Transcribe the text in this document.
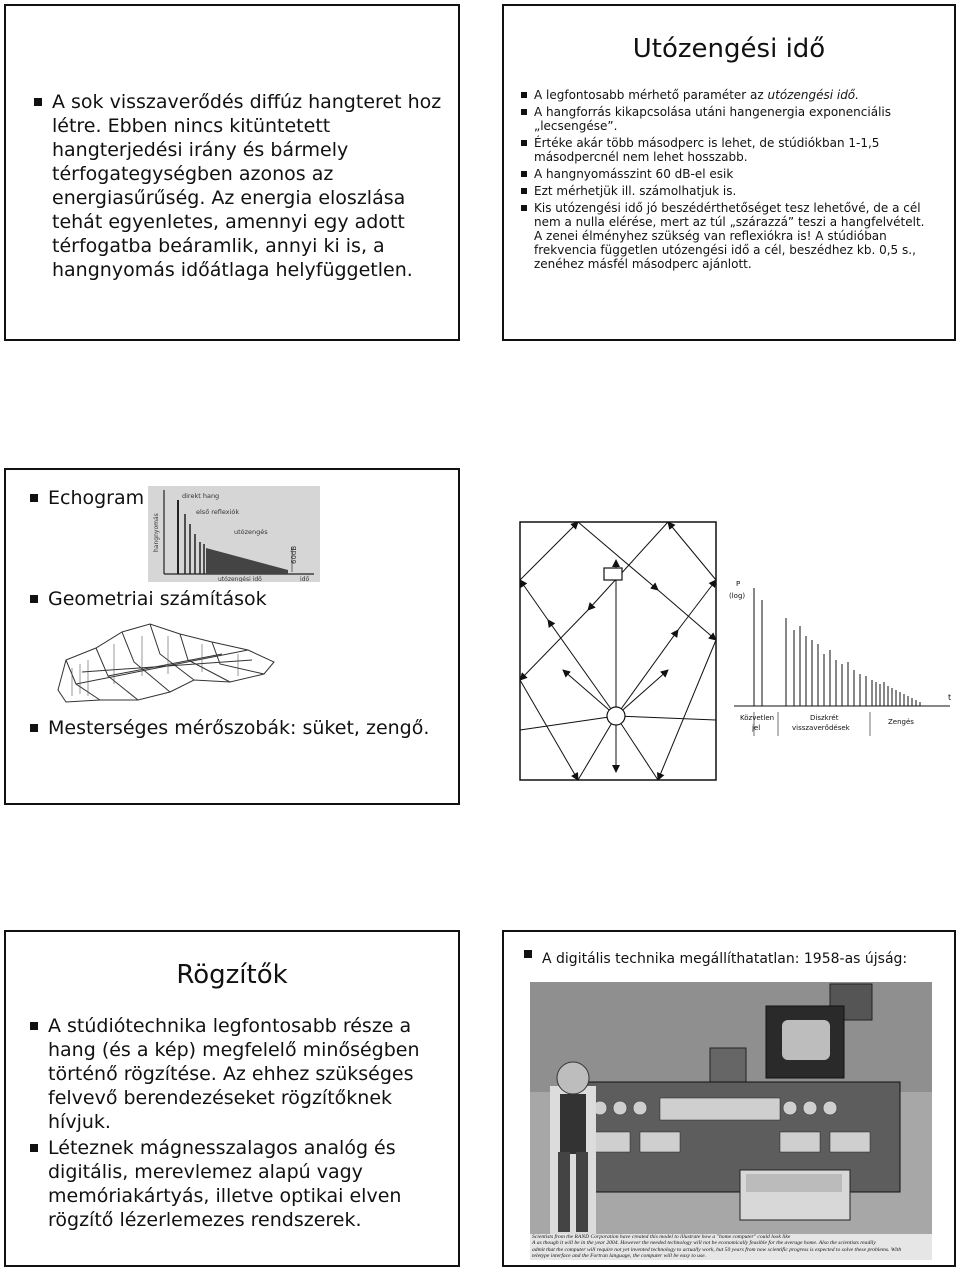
A sok visszaverődés diffúz hangteret hoz létre. Ebben nincs kitüntetett hangterjedési irány és bármely térfogategységben azonos az energiasűrűség. Az energia eloszlása tehát egyenletes, amennyi egy adott térfogatba beáramlik, annyi ki is, a hangnyomás időátlaga helyfüggetlen.
Utózengési idő
A legfontosabb mérhető paraméter az utózengési idő.
A hangforrás kikapcsolása utáni hangenergia exponenciális „lecsengése”.
Értéke akár több másodperc is lehet, de stúdiókban 1-1,5 másodpercnél nem lehet hosszabb.
A hangnyomásszint 60 dB-el esik
Ezt mérhetjük ill. számolhatjuk is.
Kis utózengési idő jó beszédérthetőséget tesz lehetővé, de a cél nem a nulla elérése, mert az túl „szárazzá” teszi a hangfelvételt. A zenei élményhez szükség van reflexiókra is! A stúdióban frekvencia független utózengési idő a cél, beszédhez kb. 0,5 s., zenéhez másfél másodperc ajánlott.
Echogram
Geometriai számítások
Mesterséges mérőszobák: süket, zengő.
hangnyomás
direkt hang
első reflexiók
utózengés
60dB
utózengési idő	idő
P
(log)
t
Közvetlen
jel
Diszkrét
visszaverődések
Zengés
Rögzítők
A stúdiótechnika legfontosabb része a hang (és a kép) megfelelő minőségben történő rögzítése. Az ehhez szükséges felvevő berendezéseket rögzítőknek hívjuk.
Léteznek mágnesszalagos analóg és digitális, merevlemez alapú vagy memóriakártyás, illetve optikai elven rögzítő lézerlemezes rendszerek.
A digitális technika megállíthatatlan: 1958-as újság:
Scientists from the RAND Corporation have created this model to illustrate how a "home computer" could look like
A as though it will be in the year 2004. However the needed technology will not be economically feasible for the average home. Also the scientists readily
admit that the computer will require not yet invented technology to actually work, but 50 years from now scientific progress is expected to solve these problems. With
teletype interface and the Fortran language, the computer will be easy to use.
